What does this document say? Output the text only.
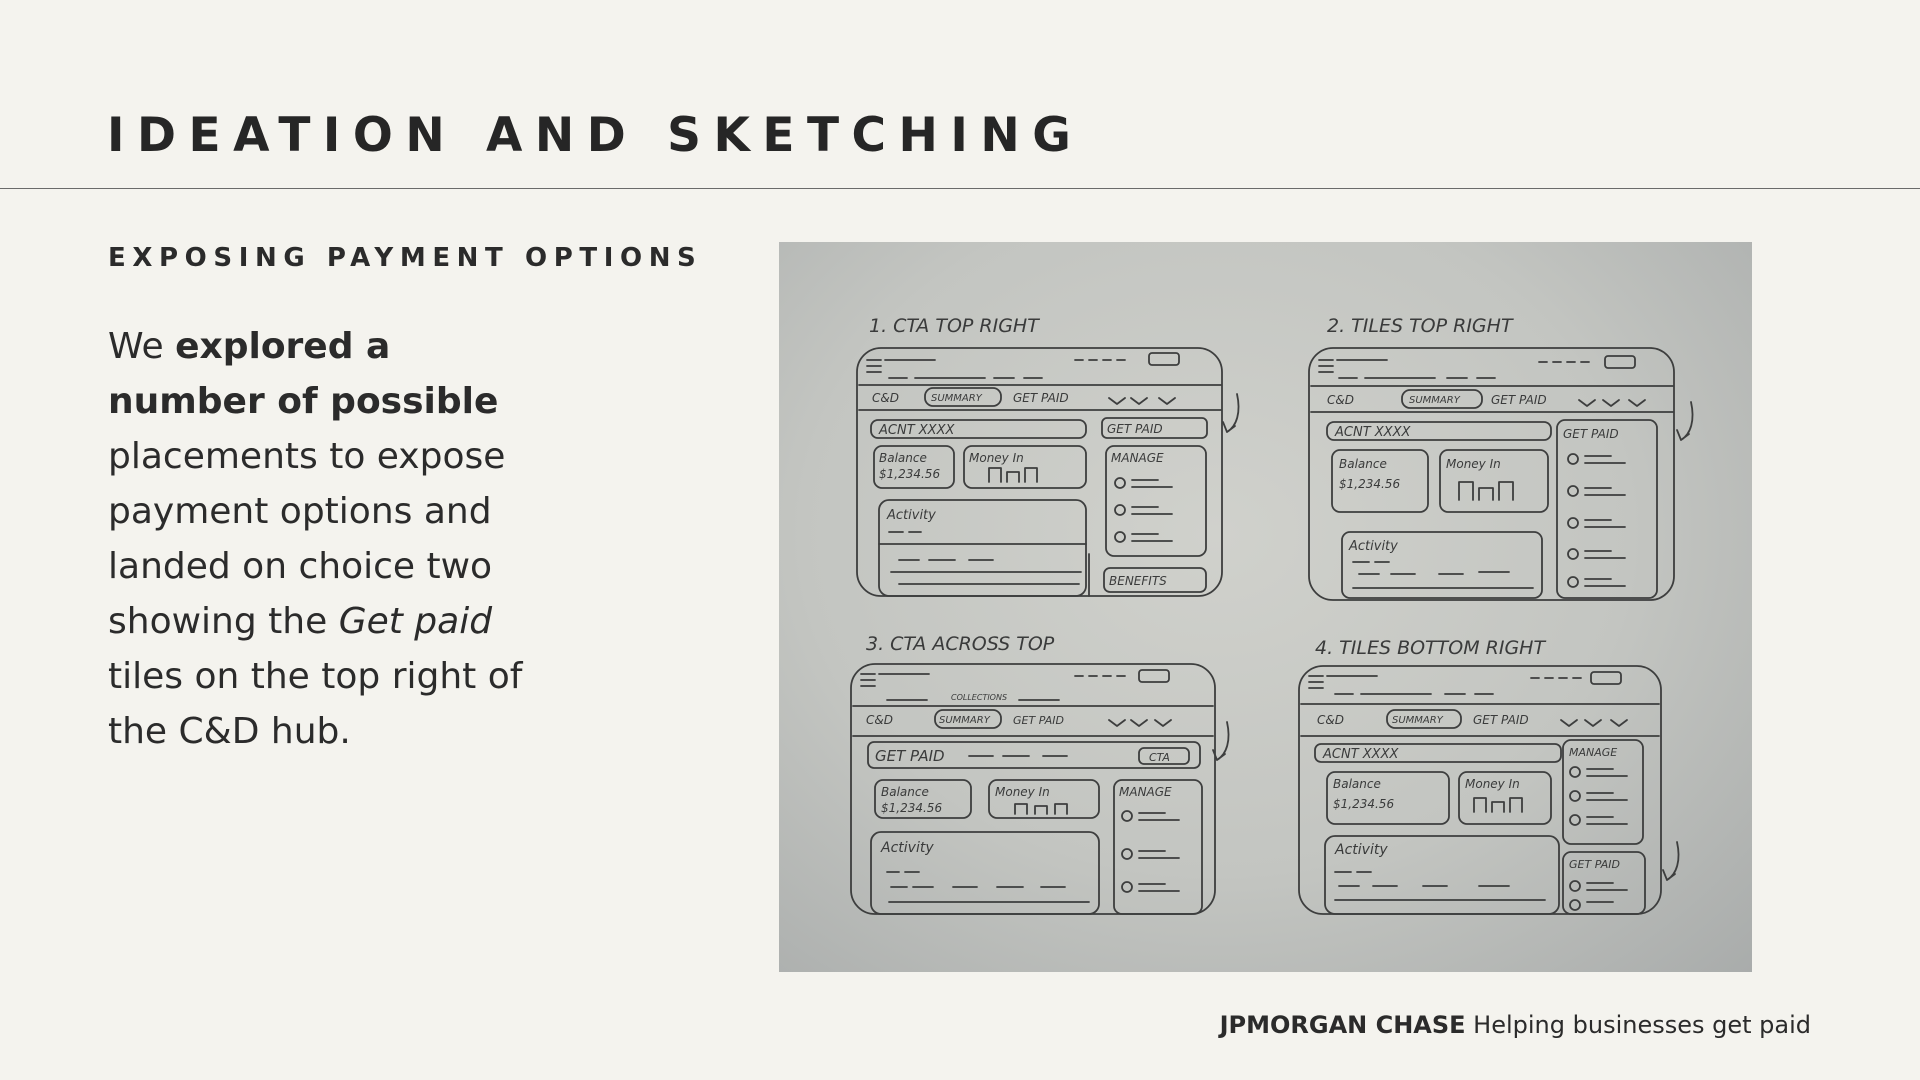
IDEATION AND SKETCHING
EXPOSING PAYMENT OPTIONS

We explored a number of possible placements to expose payment options and landed on choice two showing the Get paid tiles on the top right of the C&D hub.

1. CTA TOP RIGHT
C&D	SUMMARY	GET PAID
ACNT XXXX	GET PAID
Balance
$1,234.56
Money In	MANAGE
Activity
BENEFITS
2. TILES TOP RIGHT
C&D	SUMMARY	GET PAID
ACNT XXXX	GET PAID
Balance
$1,234.56
Money In
Activity
3. CTA ACROSS TOP
COLLECTIONS
C&D	SUMMARY GET PAID
GET PAID	CTA
Balance
$1,234.56
Money In	MANAGE
Activity
4. TILES BOTTOM RIGHT
C&D	SUMMARY	GET PAID
ACNT XXXX
Balance
$1,234.56
Money In
MANAGE
Activity
GET PAID
JPMORGAN CHASE Helping businesses get paid
